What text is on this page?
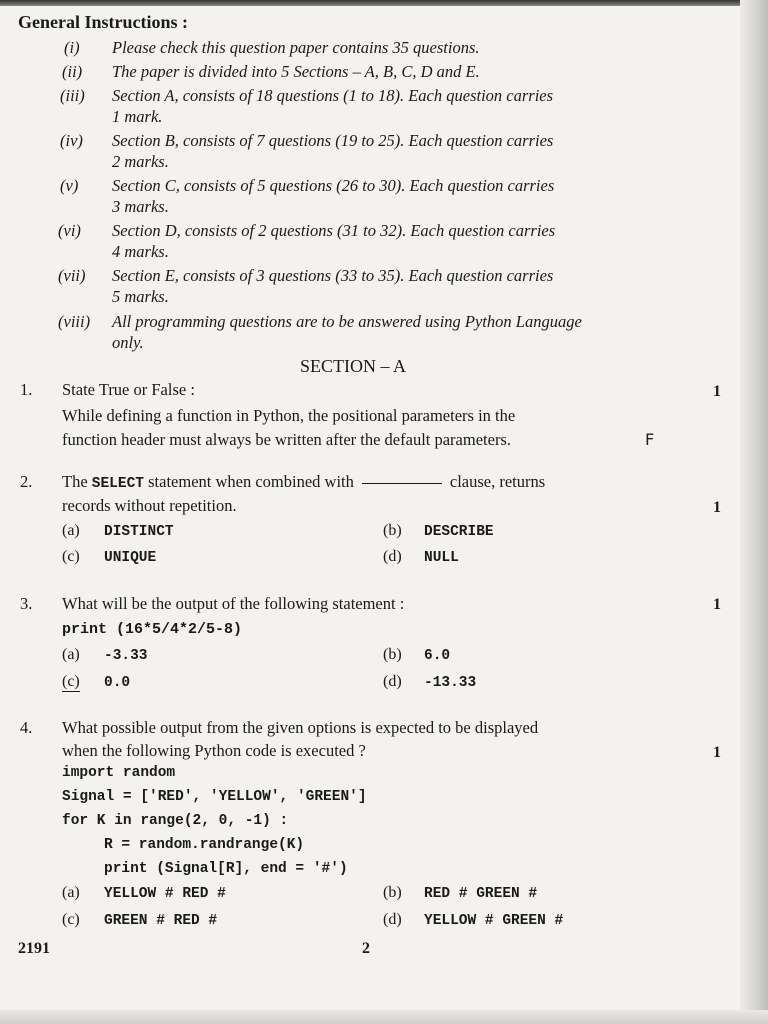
General Instructions :
(i) Please check this question paper contains 35 questions.
(ii) The paper is divided into 5 Sections – A, B, C, D and E.
(iii) Section A, consists of 18 questions (1 to 18). Each question carries
1 mark.
(iv) Section B, consists of 7 questions (19 to 25). Each question carries
2 marks.
(v) Section C, consists of 5 questions (26 to 30). Each question carries
3 marks.
(vi) Section D, consists of 2 questions (31 to 32). Each question carries
4 marks.
(vii) Section E, consists of 3 questions (33 to 35). Each question carries
5 marks.
(viii) All programming questions are to be answered using Python Language
only.
SECTION – A
1. State True or False :	1
While defining a function in Python, the positional parameters in the
function header must always be written after the default parameters.	F
2. The SELECT statement when combined with	clause, returns
records without repetition.	1
(a) DISTINCT	(b) DESCRIBE
(c) UNIQUE	(d) NULL
3. What will be the output of the following statement :	1
print (16*5/4*2/5-8)
(a) -3.33	(b) 6.0
(c) 0.0	(d) -13.33
4. What possible output from the given options is expected to be displayed
when the following Python code is executed ?	1
import random
Signal = ['RED', 'YELLOW', 'GREEN']
for K in range(2, 0, -1) :
R = random.randrange(K)
print (Signal[R], end = '#')
(a) YELLOW # RED #	(b) RED # GREEN #
(c) GREEN # RED #	(d) YELLOW # GREEN #
2191	2
